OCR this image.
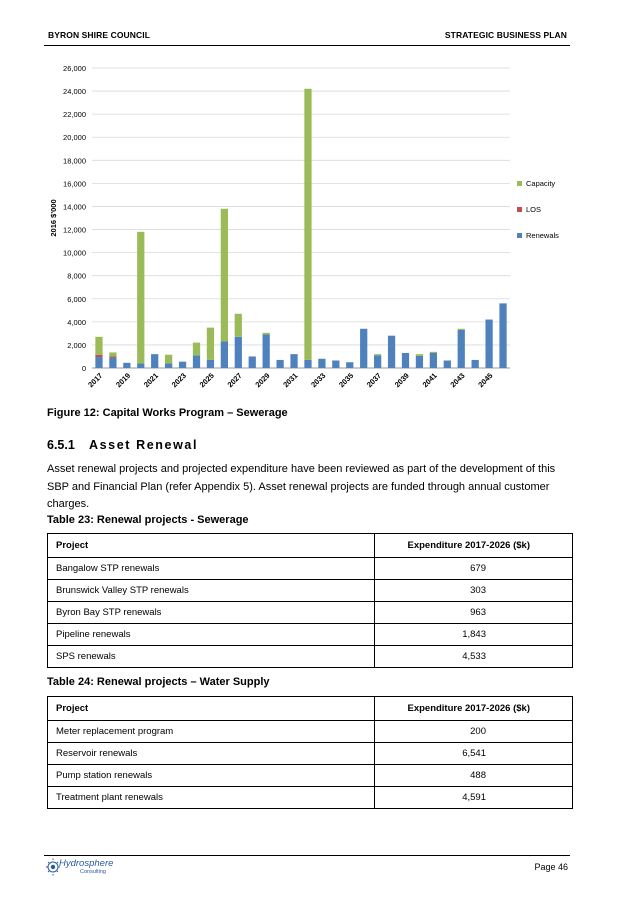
BYRON SHIRE COUNCIL	STRATEGIC BUSINESS PLAN
0
2,000
4,000
6,000
8,000
10,000
12,000
14,000
16,000
18,000
20,000
22,000
24,000
26,000
2016 $'000
2017 2019 2021 2023 2025 2027 2029 2031 2033 2035 2037 2039 2041 2043 2045
Capacity
LOS
Renewals
Figure 12: Capital Works Program – Sewerage
6.5.1 Asset Renewal
Asset renewal projects and projected expenditure have been reviewed as part of the development of this SBP and Financial Plan (refer Appendix 5). Asset renewal projects are funded through annual customer charges.
Table 23: Renewal projects - Sewerage
Project	Expenditure 2017-2026 ($k)
Bangalow STP renewals	679
Brunswick Valley STP renewals	303
Byron Bay STP renewals	963
Pipeline renewals	1,843
SPS renewals	4,533
Table 24: Renewal projects – Water Supply
Project	Expenditure 2017-2026 ($k)
Meter replacement program	200
Reservoir renewals	6,541
Pump station renewals	488
Treatment plant renewals	4,591
Hydrosphere
Consulting	Page 46
